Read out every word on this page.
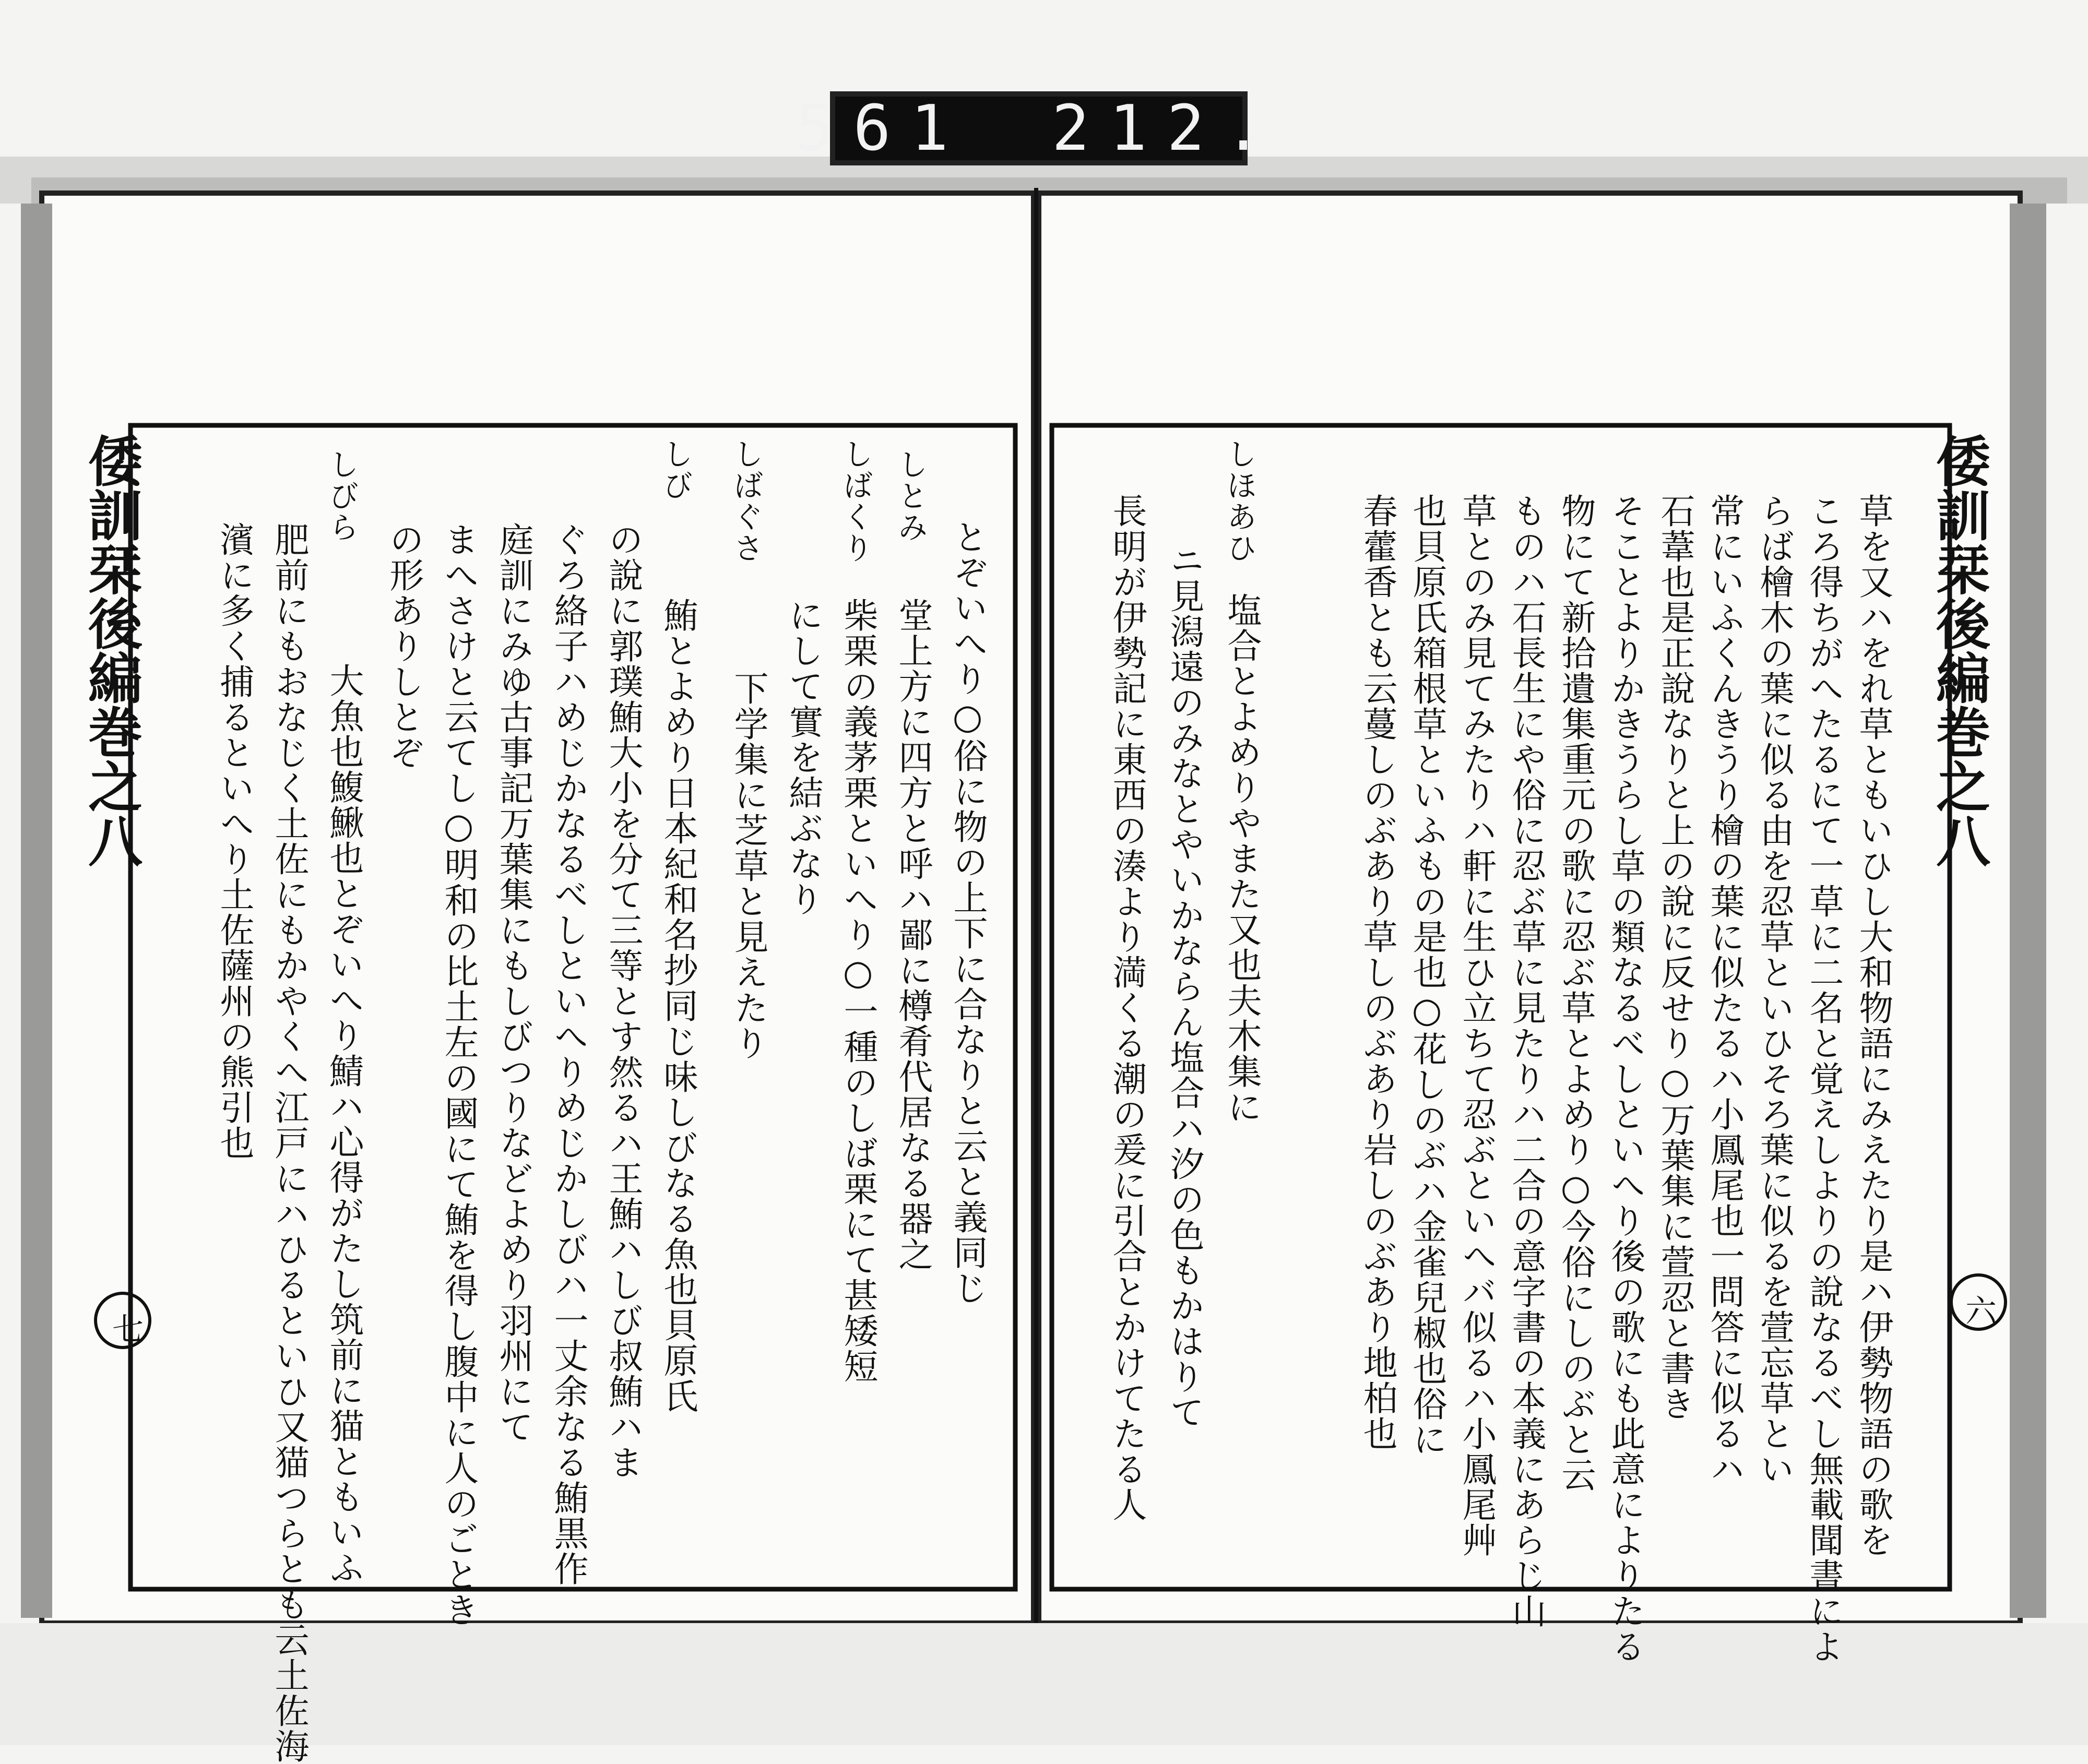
561 212.
倭訓栞後編巻之八
六
草を又ハをれ草ともいひし大和物語にみえたり是ハ伊勢物語の歌を
ころ得ちがへたるにて一草に二名と覚えしよりの說なるべし無載聞書によ
らば檜木の葉に似る由を忍草といひそろ葉に似るを萱忘草とい
常にいふくんきうり檜の葉に似たるハ小鳳尾也一問答に似るハ
石葦也是正說なりと上の說に反せり○万葉集に萱忍と書き
そことよりかきうらし草の類なるべしといへり後の歌にも此意によりたる
物にて新拾遺集重元の歌に忍ぶ草とよめり○今俗にしのぶと云
ものハ石長生にや俗に忍ぶ草に見たりハ二合の意字書の本義にあらじ山
草とのみ見てみたりハ軒に生ひ立ちて忍ぶといへバ似るハ小鳳尾艸
也貝原氏箱根草といふもの是也○花しのぶハ金雀兒椒也俗に
春藿香とも云蔓しのぶあり草しのぶあり岩しのぶあり地柏也
しほあひ
塩合とよめりやまた又也夫木集に
ニ見潟遠のみなとやいかならん塩合ハ汐の色もかはりて
長明が伊勢記に東西の湊より満くる潮の爰に引合とかけてたる人
倭訓栞後編巻之八
七
とぞいへり○俗に物の上下に合なりと云と義同じ
しとみ
堂上方に四方と呼ハ鄙に樽肴代居なる器之
しばくり
柴栗の義茅栗といへり○一種のしば栗にて甚矮短
にして實を結ぶなり
しばぐさ
下学集に芝草と見えたり
しび
鮪とよめり日本紀和名抄同じ味しびなる魚也貝原氏
の說に郭璞鮪大小を分て三等とす然るハ王鮪ハしび叔鮪ハま
ぐろ絡子ハめじかなるべしといへりめじかしびハ一丈余なる鮪黒作
庭訓にみゆ古事記万葉集にもしびつりなどよめり羽州にて
まへさけと云てし○明和の比土左の國にて鮪を得し腹中に人のごとき
の形ありしとぞ
しびら
大魚也鰒鰍也とぞいへり鯖ハ心得がたし筑前に猫ともいふ
肥前にもおなじく土佐にもかやくへ江戸にハひるといひ又猫つらとも云土佐海
濱に多く捕るといへり土佐薩州の熊引也
